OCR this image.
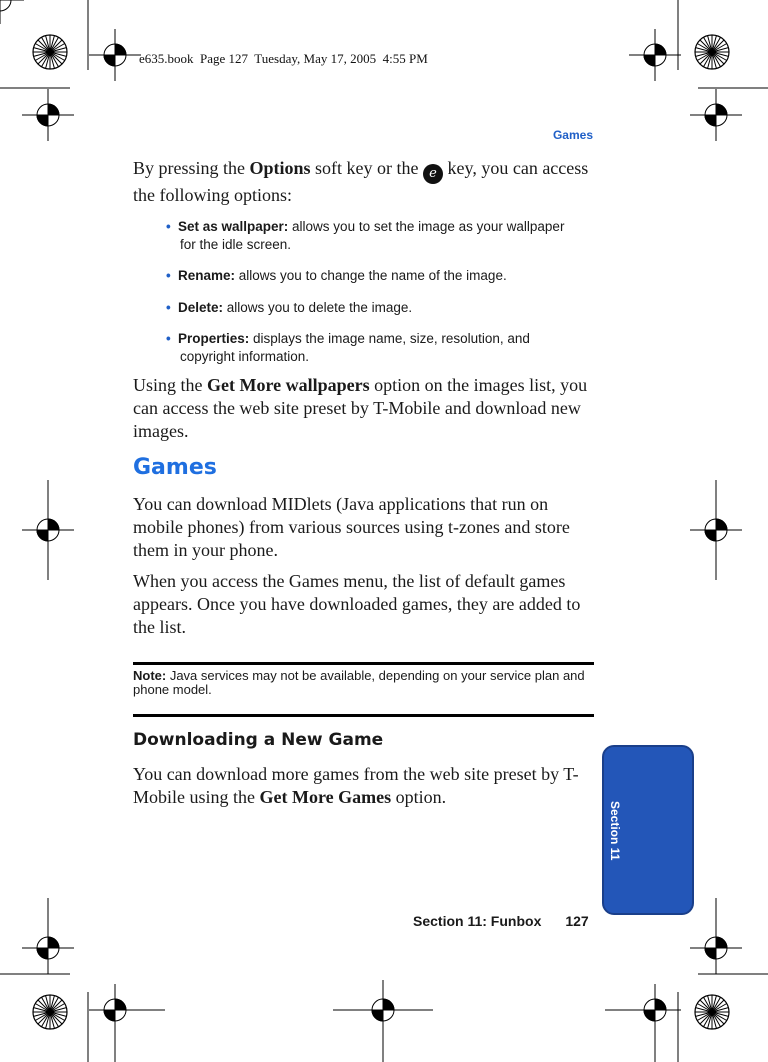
e635.book  Page 127  Tuesday, May 17, 2005  4:55 PM
Games
By pressing the Options soft key or the e key, you can access the following options:
• Set as wallpaper: allows you to set the image as your wallpaper for the idle screen.
• Rename: allows you to change the name of the image.
• Delete: allows you to delete the image.
• Properties: displays the image name, size, resolution, and copyright information.
Using the Get More wallpapers option on the images list, you can access the web site preset by T-Mobile and download new images.
Games
You can download MIDlets (Java applications that run on mobile phones) from various sources using t-zones and store them in your phone.
When you access the Games menu, the list of default games appears. Once you have downloaded games, they are added to the list.
Note: Java services may not be available, depending on your service plan and phone model.
Downloading a New Game
You can download more games from the web site preset by T-Mobile using the Get More Games option.
Section 11: Funbox 127
Section 11
